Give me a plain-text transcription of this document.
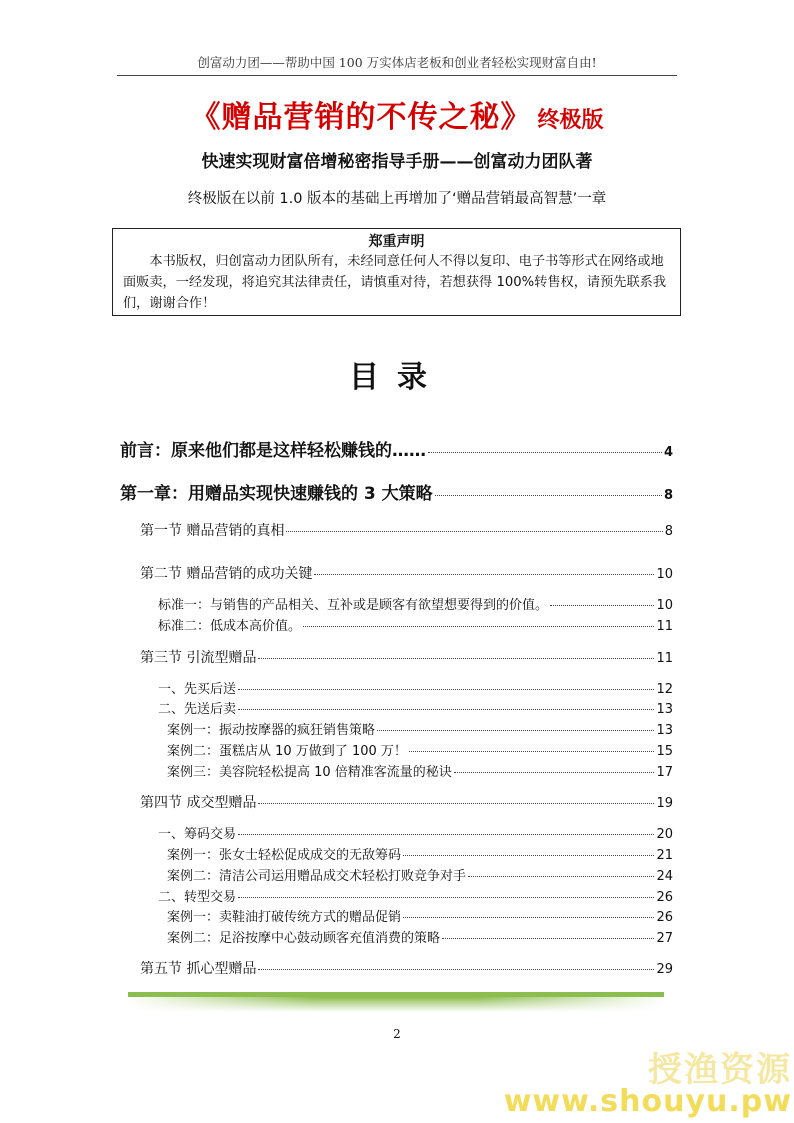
创富动力团——帮助中国 100 万实体店老板和创业者轻松实现财富自由!
《赠品营销的不传之秘》 终极版
快速实现财富倍增秘密指导手册——创富动力团队著
终极版在以前 1.0 版本的基础上再增加了‘赠品营销最高智慧’一章
郑重声明
本书版权，归创富动力团队所有，未经同意任何人不得以复印、电子书等形式在网络或地面贩卖，一经发现，将追究其法律责任，请慎重对待，若想获得 100%转售权，请预先联系我们，谢谢合作！
目录
前言：原来他们都是这样轻松赚钱的……	4
第一章：用赠品实现快速赚钱的 3 大策略	8
第一节 赠品营销的真相	8
第二节 赠品营销的成功关键	10
标准一：与销售的产品相关、互补或是顾客有欲望想要得到的价值。	10
标准二：低成本高价值。	11
第三节 引流型赠品	11
一、先买后送	12
二、先送后卖	13
案例一：振动按摩器的疯狂销售策略	13
案例二：蛋糕店从 10 万做到了 100 万！	15
案例三：美容院轻松提高 10 倍精准客流量的秘诀	17
第四节 成交型赠品	19
一、筹码交易	20
案例一：张女士轻松促成成交的无敌筹码	21
案例二：清洁公司运用赠品成交术轻松打败竞争对手	24
二、转型交易	26
案例一：卖鞋油打破传统方式的赠品促销	26
案例二：足浴按摩中心鼓动顾客充值消费的策略	27
第五节 抓心型赠品	29
2
授渔资源
www.shouyu.pw
